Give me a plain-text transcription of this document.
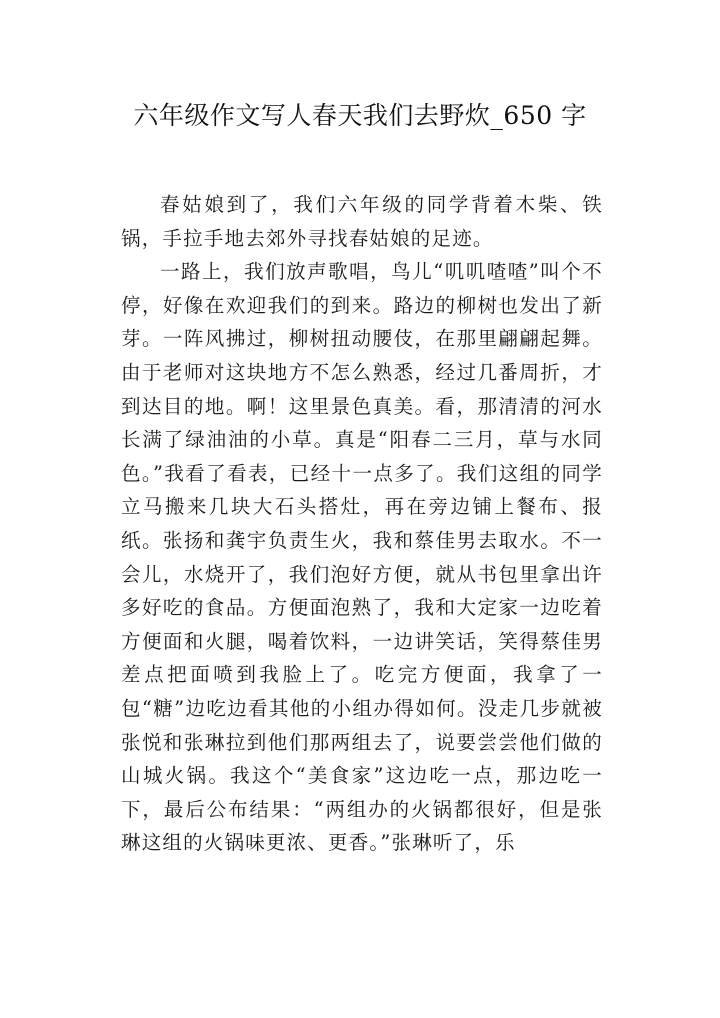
六年级作文写人春天我们去野炊_650 字

春姑娘到了，我们六年级的同学背着木柴、铁锅，手拉手地去郊外寻找春姑娘的足迹。

一路上，我们放声歌唱，鸟儿“叽叽喳喳”叫个不停，好像在欢迎我们的到来。路边的柳树也发出了新芽。一阵风拂过，柳树扭动腰伎，在那里翩翩起舞。由于老师对这块地方不怎么熟悉，经过几番周折，才到达目的地。啊！这里景色真美。看，那清清的河水长满了绿油油的小草。真是“阳春二三月，草与水同色。”我看了看表，已经十一点多了。我们这组的同学立马搬来几块大石头搭灶，再在旁边铺上餐布、报纸。张扬和龚宇负责生火，我和蔡佳男去取水。不一会儿，水烧开了，我们泡好方便，就从书包里拿出许多好吃的食品。方便面泡熟了，我和大定家一边吃着方便面和火腿，喝着饮料，一边讲笑话，笑得蔡佳男差点把面喷到我脸上了。吃完方便面，我拿了一包“糖”边吃边看其他的小组办得如何。没走几步就被张悦和张琳拉到他们那两组去了，说要尝尝他们做的山城火锅。我这个“美食家”这边吃一点，那边吃一下，最后公布结果：“两组办的火锅都很好，但是张琳这组的火锅味更浓、更香。”张琳听了，乐
